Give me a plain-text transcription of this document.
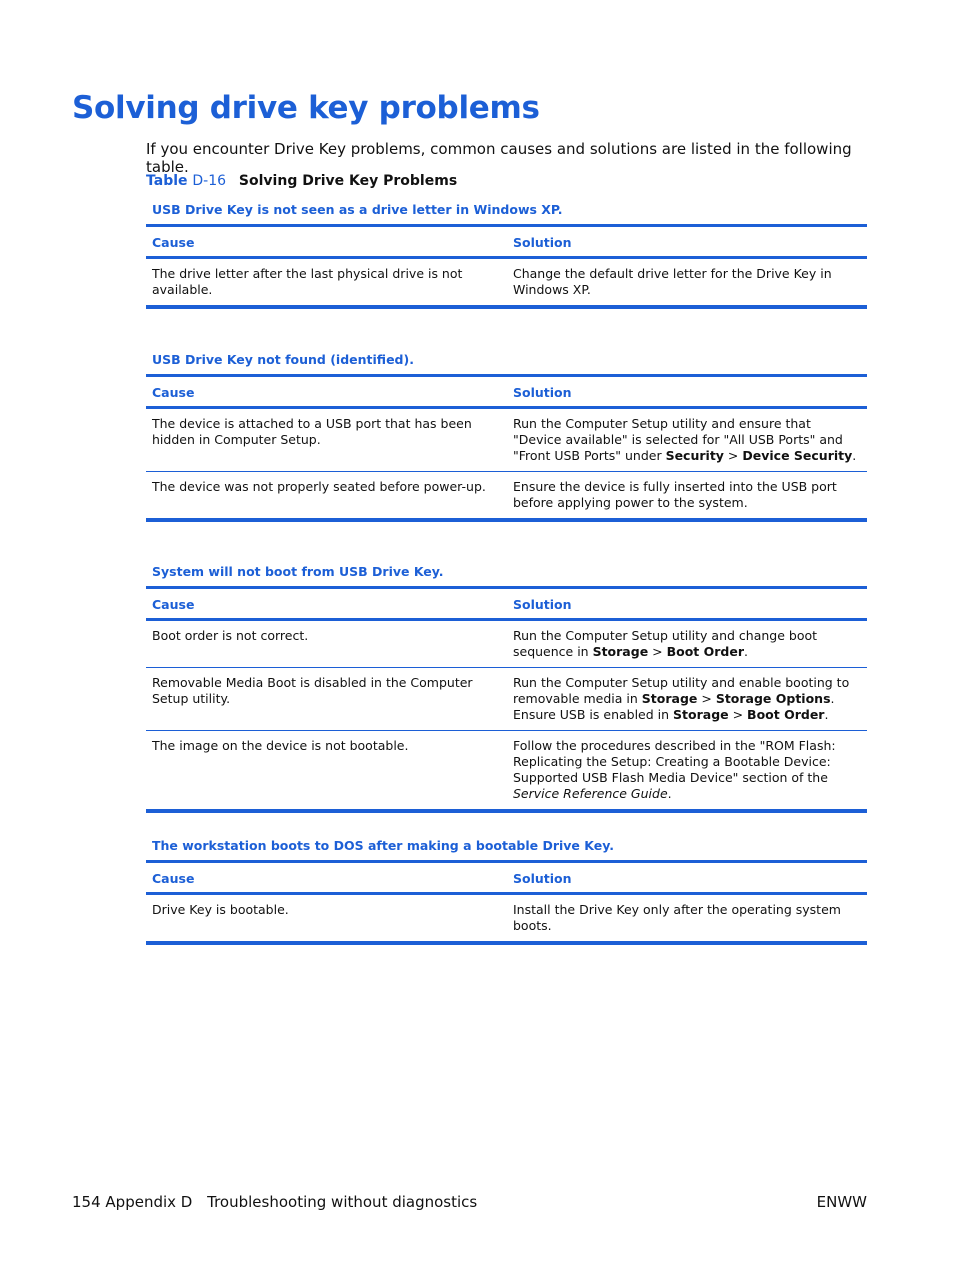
Solving drive key problems

If you encounter Drive Key problems, common causes and solutions are listed in the following table.

Table D-16 Solving Drive Key Problems
USB Drive Key is not seen as a drive letter in Windows XP.
Cause	Solution
The drive letter after the last physical drive is not available.	Change the default drive letter for the Drive Key in Windows XP.
USB Drive Key not found (identified).
Cause	Solution
The device is attached to a USB port that has been hidden in Computer Setup.	Run the Computer Setup utility and ensure that "Device available" is selected for "All USB Ports" and "Front USB Ports" under Security > Device Security.
The device was not properly seated before power-up.	Ensure the device is fully inserted into the USB port before applying power to the system.
System will not boot from USB Drive Key.
Cause	Solution
Boot order is not correct.	Run the Computer Setup utility and change boot sequence in Storage > Boot Order.
Removable Media Boot is disabled in the Computer Setup utility.	Run the Computer Setup utility and enable booting to removable media in Storage > Storage Options. Ensure USB is enabled in Storage > Boot Order.
The image on the device is not bootable.	Follow the procedures described in the "ROM Flash: Replicating the Setup: Creating a Bootable Device: Supported USB Flash Media Device" section of the Service Reference Guide.
The workstation boots to DOS after making a bootable Drive Key.
Cause	Solution
Drive Key is bootable.	Install the Drive Key only after the operating system boots.
154 Appendix D Troubleshooting without diagnostics	ENWW
